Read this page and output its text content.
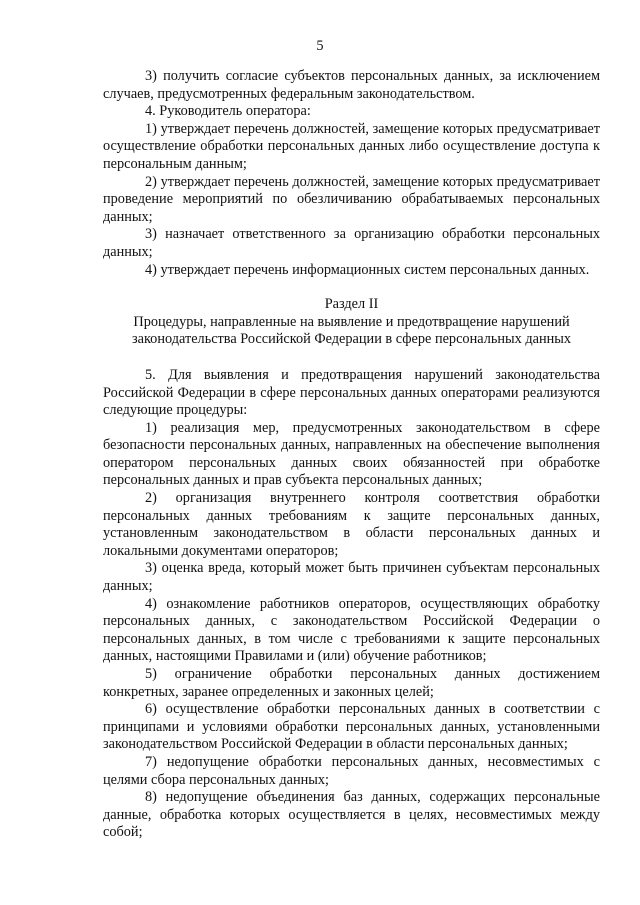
5

3) получить согласие субъектов персональных данных, за исключением случаев, предусмотренных федеральным законодательством.

4. Руководитель оператора:

1) утверждает перечень должностей, замещение которых предусматривает осуществление обработки персональных данных либо осуществление доступа к персональным данным;

2) утверждает перечень должностей, замещение которых предусматривает проведение мероприятий по обезличиванию обрабатываемых персональных данных;

3) назначает ответственного за организацию обработки персональных данных;

4) утверждает перечень информационных систем персональных данных.

Раздел II

Процедуры, направленные на выявление и предотвращение нарушений законодательства Российской Федерации в сфере персональных данных

5. Для выявления и предотвращения нарушений законодательства Российской Федерации в сфере персональных данных операторами реализуются следующие процедуры:

1) реализация мер, предусмотренных законодательством в сфере безопасности персональных данных, направленных на обеспечение выполнения оператором персональных данных своих обязанностей при обработке персональных данных и прав субъекта персональных данных;

2) организация внутреннего контроля соответствия обработки персональных данных требованиям к защите персональных данных, установленным законодательством в области персональных данных и локальными документами операторов;

3) оценка вреда, который может быть причинен субъектам персональных данных;

4) ознакомление работников операторов, осуществляющих обработку персональных данных, с законодательством Российской Федерации о персональных данных, в том числе с требованиями к защите персональных данных, настоящими Правилами и (или) обучение работников;

5) ограничение обработки персональных данных достижением конкретных, заранее определенных и законных целей;

6) осуществление обработки персональных данных в соответствии с принципами и условиями обработки персональных данных, установленными законодательством Российской Федерации в области персональных данных;

7) недопущение обработки персональных данных, несовместимых с целями сбора персональных данных;

8) недопущение объединения баз данных, содержащих персональные данные, обработка которых осуществляется в целях, несовместимых между собой;
